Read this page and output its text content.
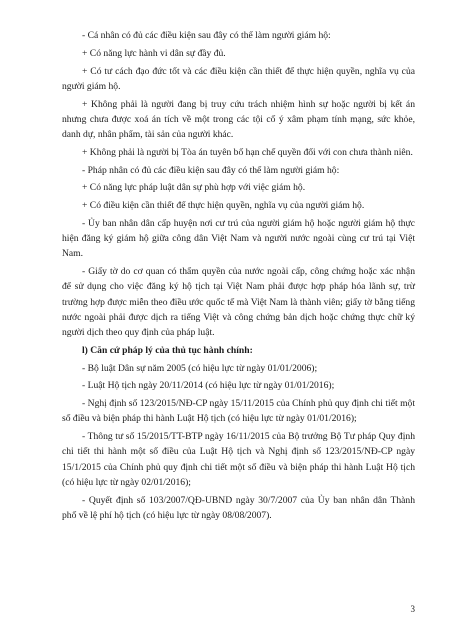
- Cá nhân có đủ các điều kiện sau đây có thể làm người giám hộ:

+ Có năng lực hành vi dân sự đầy đủ.

+ Có tư cách đạo đức tốt và các điều kiện cần thiết để thực hiện quyền, nghĩa vụ của người giám hộ.

+ Không phải là người đang bị truy cứu trách nhiệm hình sự hoặc người bị kết án nhưng chưa được xoá án tích về một trong các tội cố ý xâm phạm tính mạng, sức khỏe, danh dự, nhân phẩm, tài sản của người khác.

+ Không phải là người bị Tòa án tuyên bố hạn chế quyền đối với con chưa thành niên.

- Pháp nhân có đủ các điều kiện sau đây có thể làm người giám hộ:

+ Có năng lực pháp luật dân sự phù hợp với việc giám hộ.

+ Có điều kiện cần thiết để thực hiện quyền, nghĩa vụ của người giám hộ.

- Ủy ban nhân dân cấp huyện nơi cư trú của người giám hộ hoặc người giám hộ thực hiện đăng ký giám hộ giữa công dân Việt Nam và người nước ngoài cùng cư trú tại Việt Nam.

- Giấy tờ do cơ quan có thẩm quyền của nước ngoài cấp, công chứng hoặc xác nhận để sử dụng cho việc đăng ký hộ tịch tại Việt Nam phải được hợp pháp hóa lãnh sự, trừ trường hợp được miễn theo điều ước quốc tế mà Việt Nam là thành viên; giấy tờ bằng tiếng nước ngoài phải được dịch ra tiếng Việt và công chứng bản dịch hoặc chứng thực chữ ký người dịch theo quy định của pháp luật.

l) Căn cứ pháp lý của thủ tục hành chính:

- Bộ luật Dân sự năm 2005 (có hiệu lực từ ngày 01/01/2006);

- Luật Hộ tịch ngày 20/11/2014 (có hiệu lực từ ngày 01/01/2016);

- Nghị định số 123/2015/NĐ-CP ngày 15/11/2015 của Chính phủ quy định chi tiết một số điều và biện pháp thi hành Luật Hộ tịch (có hiệu lực từ ngày 01/01/2016);

- Thông tư số 15/2015/TT-BTP ngày 16/11/2015 của Bộ trưởng Bộ Tư pháp Quy định chi tiết thi hành một số điều của Luật Hộ tịch và Nghị định số 123/2015/NĐ-CP ngày 15/1/2015 của Chính phủ quy định chi tiết một số điều và biện pháp thi hành Luật Hộ tịch (có hiệu lực từ ngày 02/01/2016);

- Quyết định số 103/2007/QĐ-UBND ngày 30/7/2007 của Ủy ban nhân dân Thành phố về lệ phí hộ tịch (có hiệu lực từ ngày 08/08/2007).

3
